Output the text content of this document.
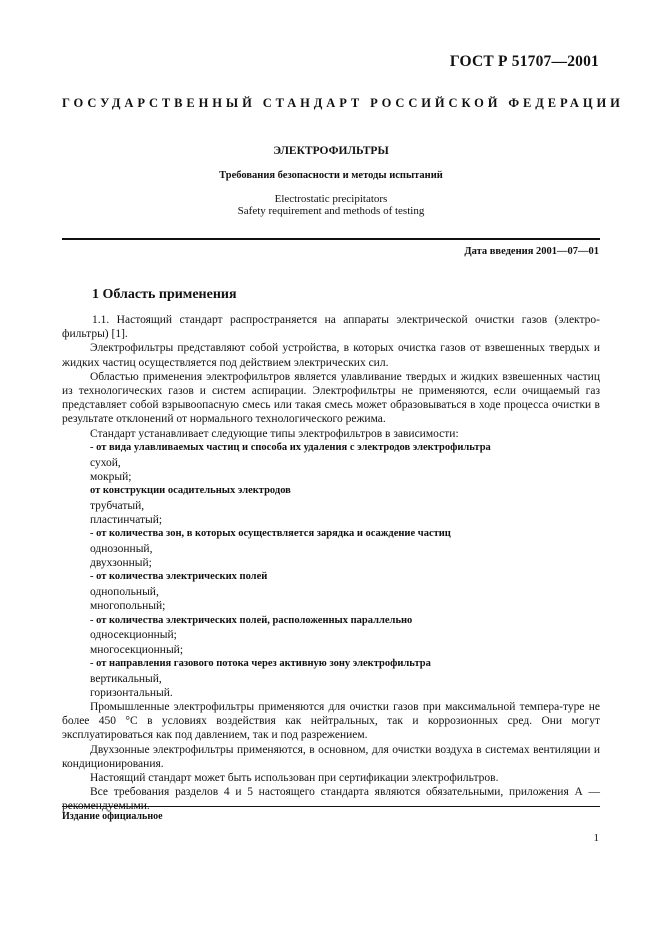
ГОСТ Р 51707—2001
ГОСУДАРСТВЕННЫЙ СТАНДАРТ РОССИЙСКОЙ ФЕДЕРАЦИИ
ЭЛЕКТРОФИЛЬТРЫ
Требования безопасности и методы испытаний
Electrostatic precipitators
Safety requirement and methods of testing
Дата введения 2001—07—01
1 Область применения

1.1. Настоящий стандарт распространяется на аппараты электрической очистки газов (электро-фильтры) [1].

Электрофильтры представляют собой устройства, в которых очистка газов от взвешенных твердых и жидких частиц осуществляется под действием электрических сил.

Областью применения электрофильтров является улавливание твердых и жидких взвешенных частиц из технологических газов и систем аспирации. Электрофильтры не применяются, если очищаемый газ представляет собой взрывоопасную смесь или такая смесь может образовываться в ходе процесса очистки в результате отклонений от нормального технологического режима.

Стандарт устанавливает следующие типы электрофильтров в зависимости:

- от вида улавливаемых частиц и способа их удаления с электродов электрофильтра

сухой,

мокрый;

от конструкции осадительных электродов

трубчатый,

пластинчатый;

- от количества зон, в которых осуществляется зарядка и осаждение частиц

однозонный,

двухзонный;

- от количества электрических полей

однопольный,

многопольный;

- от количества электрических полей, расположенных параллельно

односекционный;

многосекционный;

- от направления газового потока через активную зону электрофильтра

вертикальный,

горизонтальный.

Промышленные электрофильтры применяются для очистки газов при максимальной темпера-туре не более 450 °С в условиях воздействия как нейтральных, так и коррозионных сред. Они могут эксплуатироваться как под давлением, так и под разрежением.

Двухзонные электрофильтры применяются, в основном, для очистки воздуха в системах вентиляции и кондиционирования.

Настоящий стандарт может быть использован при сертификации электрофильтров.

Все требования разделов 4 и 5 настоящего стандарта являются обязательными, приложения А — рекомендуемыми.

Издание официальное
1
